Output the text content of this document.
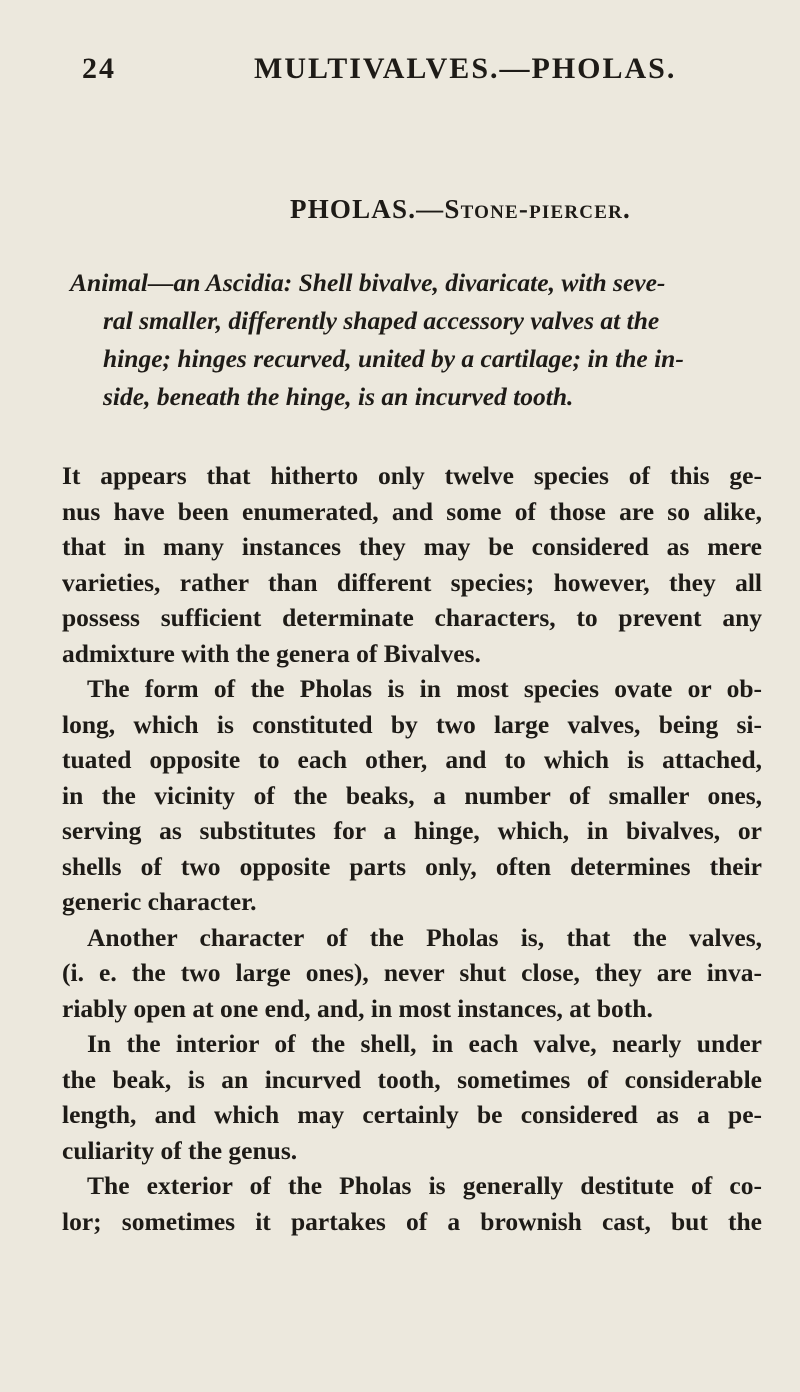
24	MULTIVALVES.—PHOLAS.
PHOLAS.—Stone-piercer.

Animal—an Ascidia: Shell bivalve, divaricate, with seve-
ral smaller, differently shaped accessory valves at the
hinge; hinges recurved, united by a cartilage; in the in-
side, beneath the hinge, is an incurved tooth.

It appears that hitherto only twelve species of this ge-
nus have been enumerated, and some of those are so alike,
that in many instances they may be considered as mere
varieties, rather than different species; however, they all
possess sufficient determinate characters, to prevent any
admixture with the genera of Bivalves.
The form of the Pholas is in most species ovate or ob-
long, which is constituted by two large valves, being si-
tuated opposite to each other, and to which is attached,
in the vicinity of the beaks, a number of smaller ones,
serving as substitutes for a hinge, which, in bivalves, or
shells of two opposite parts only, often determines their
generic character.
Another character of the Pholas is, that the valves,
(i. e. the two large ones), never shut close, they are inva-
riably open at one end, and, in most instances, at both.
In the interior of the shell, in each valve, nearly under
the beak, is an incurved tooth, sometimes of considerable
length, and which may certainly be considered as a pe-
culiarity of the genus.
The exterior of the Pholas is generally destitute of co-
lor; sometimes it partakes of a brownish cast, but the
